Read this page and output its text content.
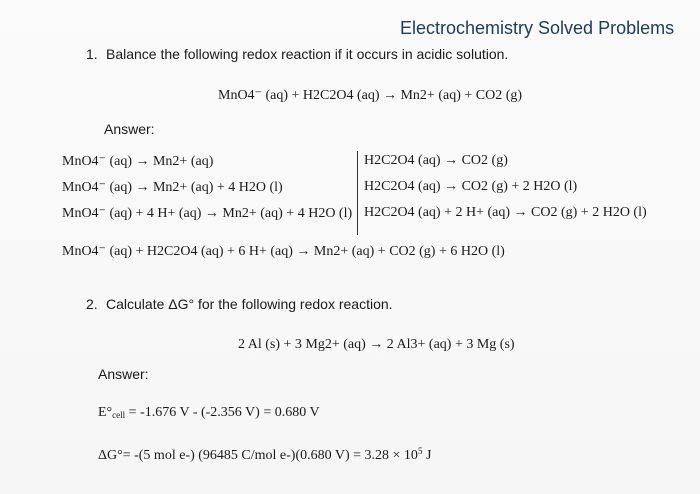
Electrochemistry Solved Problems
1. Balance the following redox reaction if it occurs in acidic solution.
MnO4⁻ (aq) + H2C2O4 (aq) → Mn2+ (aq) + CO2 (g)
Answer:
MnO4⁻ (aq) → Mn2+ (aq)
MnO4⁻ (aq) → Mn2+ (aq) + 4 H2O (l)
MnO4⁻ (aq) + 4 H+ (aq) → Mn2+ (aq) + 4 H2O (l)
H2C2O4 (aq) → CO2 (g)
H2C2O4 (aq) → CO2 (g) + 2 H2O (l)
H2C2O4 (aq) + 2 H+ (aq) → CO2 (g) + 2 H2O (l)
MnO4⁻ (aq) + H2C2O4 (aq) + 6 H+ (aq) → Mn2+ (aq) + CO2 (g) + 6 H2O (l)
2. Calculate ΔG° for the following redox reaction.
2 Al (s) + 3 Mg2+ (aq) → 2 Al3+ (aq) + 3 Mg (s)
Answer:
$E^\circ_{cell} = -1.676$ V - (-2.356 V) = 0.680 V
ΔG°= -(5 mol e-) (96485 C/mol e-)(0.680 $V) = 3.28 \times 10^5$ J
